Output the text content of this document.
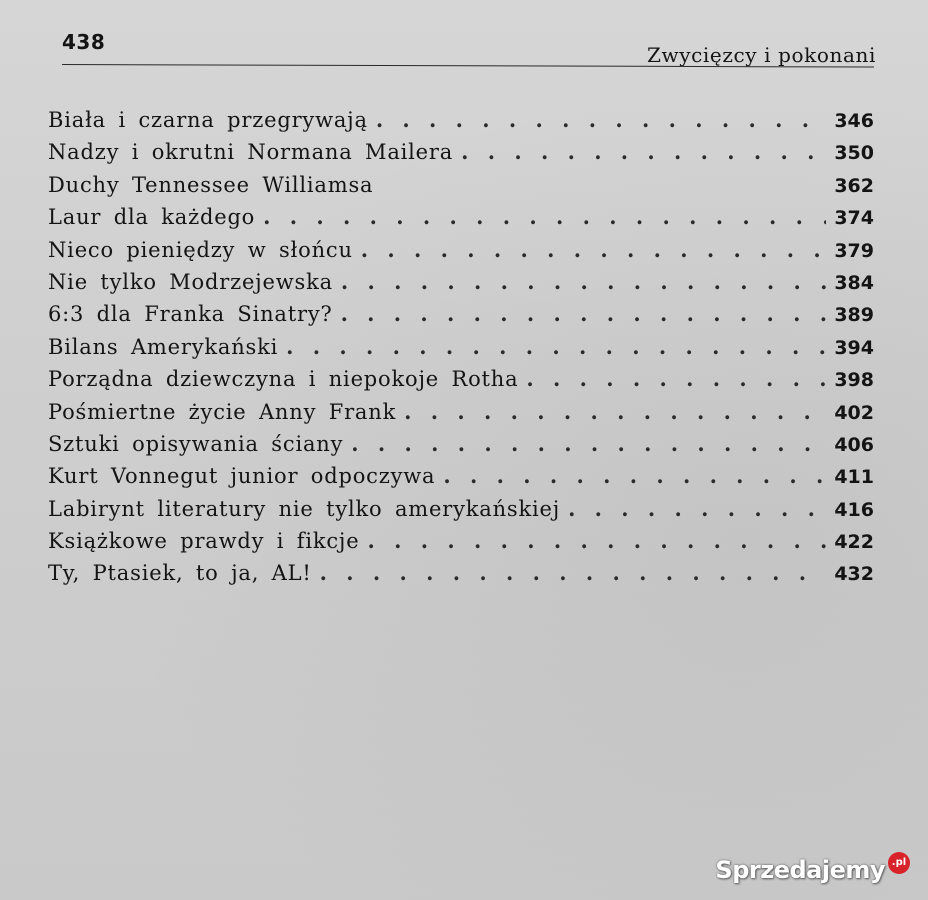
438
Zwycięzcy i pokonani
Biała i czarna przegrywają . . .	346
Nadzy i okrutni Normana Mailera . . .	350
Duchy Tennessee Williamsa	362
Laur dla każdego . . .	374
Nieco pieniędzy w słońcu . . .	379
Nie tylko Modrzejewska . . .	384
6:3 dla Franka Sinatry? . . .	389
Bilans Amerykański . . .	394
Porządna dziewczyna i niepokoje Rotha . . .	398
Pośmiertne życie Anny Frank . . .	402
Sztuki opisywania ściany . . .	406
Kurt Vonnegut junior odpoczywa . . .	411
Labirynt literatury nie tylko amerykańskiej . . .	416
Książkowe prawdy i fikcje . . .	422
Ty, Ptasiek, to ja, AL! . . .	432
Sprzedajemy .pl
